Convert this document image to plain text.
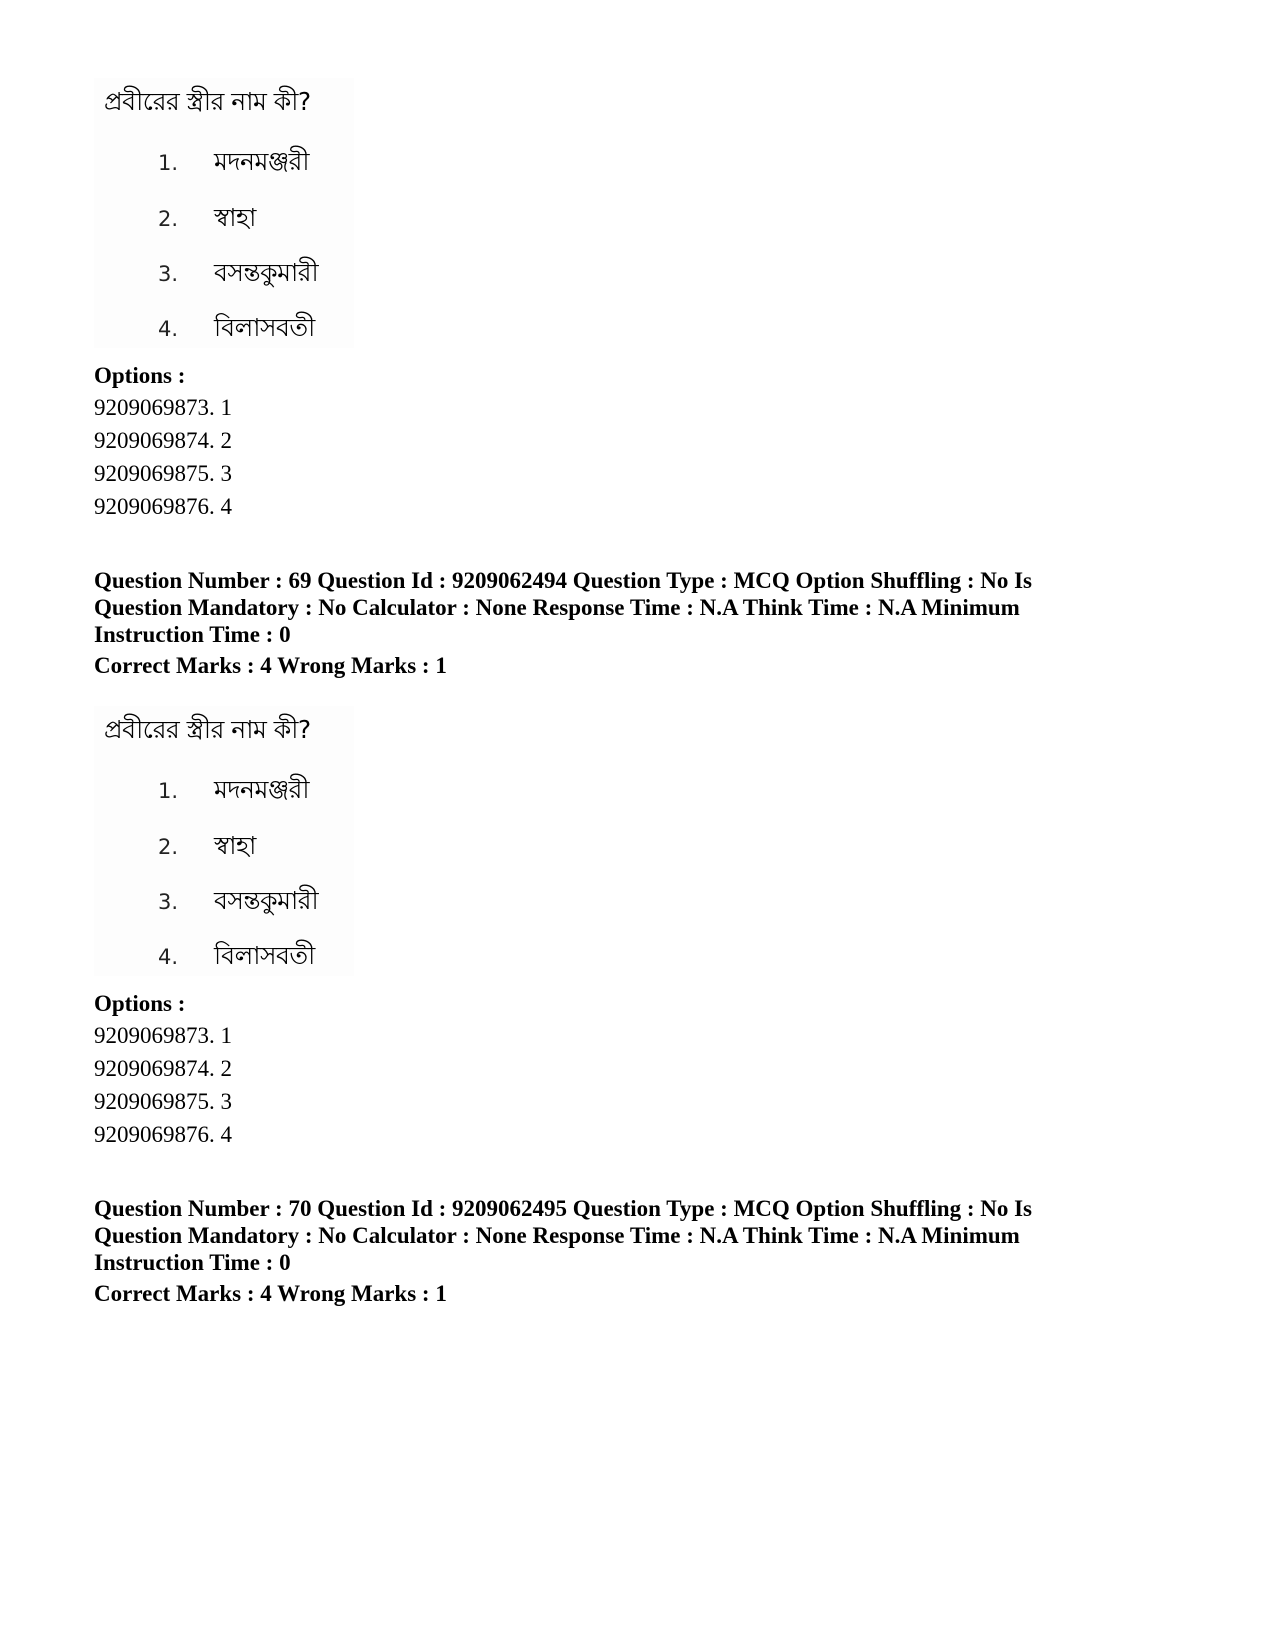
প্রবীরের স্ত্রীর নাম কী?
1. মদনমঞ্জরী
2. স্বাহা
3. বসন্তকুমারী
4. বিলাসবতী
Options :
9209069873. 1
9209069874. 2
9209069875. 3
9209069876. 4
Question Number : 69 Question Id : 9209062494 Question Type : MCQ Option Shuffling : No Is Question Mandatory : No Calculator : None Response Time : N.A Think Time : N.A Minimum Instruction Time : 0
Correct Marks : 4 Wrong Marks : 1
প্রবীরের স্ত্রীর নাম কী?
1. মদনমঞ্জরী
2. স্বাহা
3. বসন্তকুমারী
4. বিলাসবতী
Options :
9209069873. 1
9209069874. 2
9209069875. 3
9209069876. 4
Question Number : 70 Question Id : 9209062495 Question Type : MCQ Option Shuffling : No Is Question Mandatory : No Calculator : None Response Time : N.A Think Time : N.A Minimum Instruction Time : 0
Correct Marks : 4 Wrong Marks : 1
